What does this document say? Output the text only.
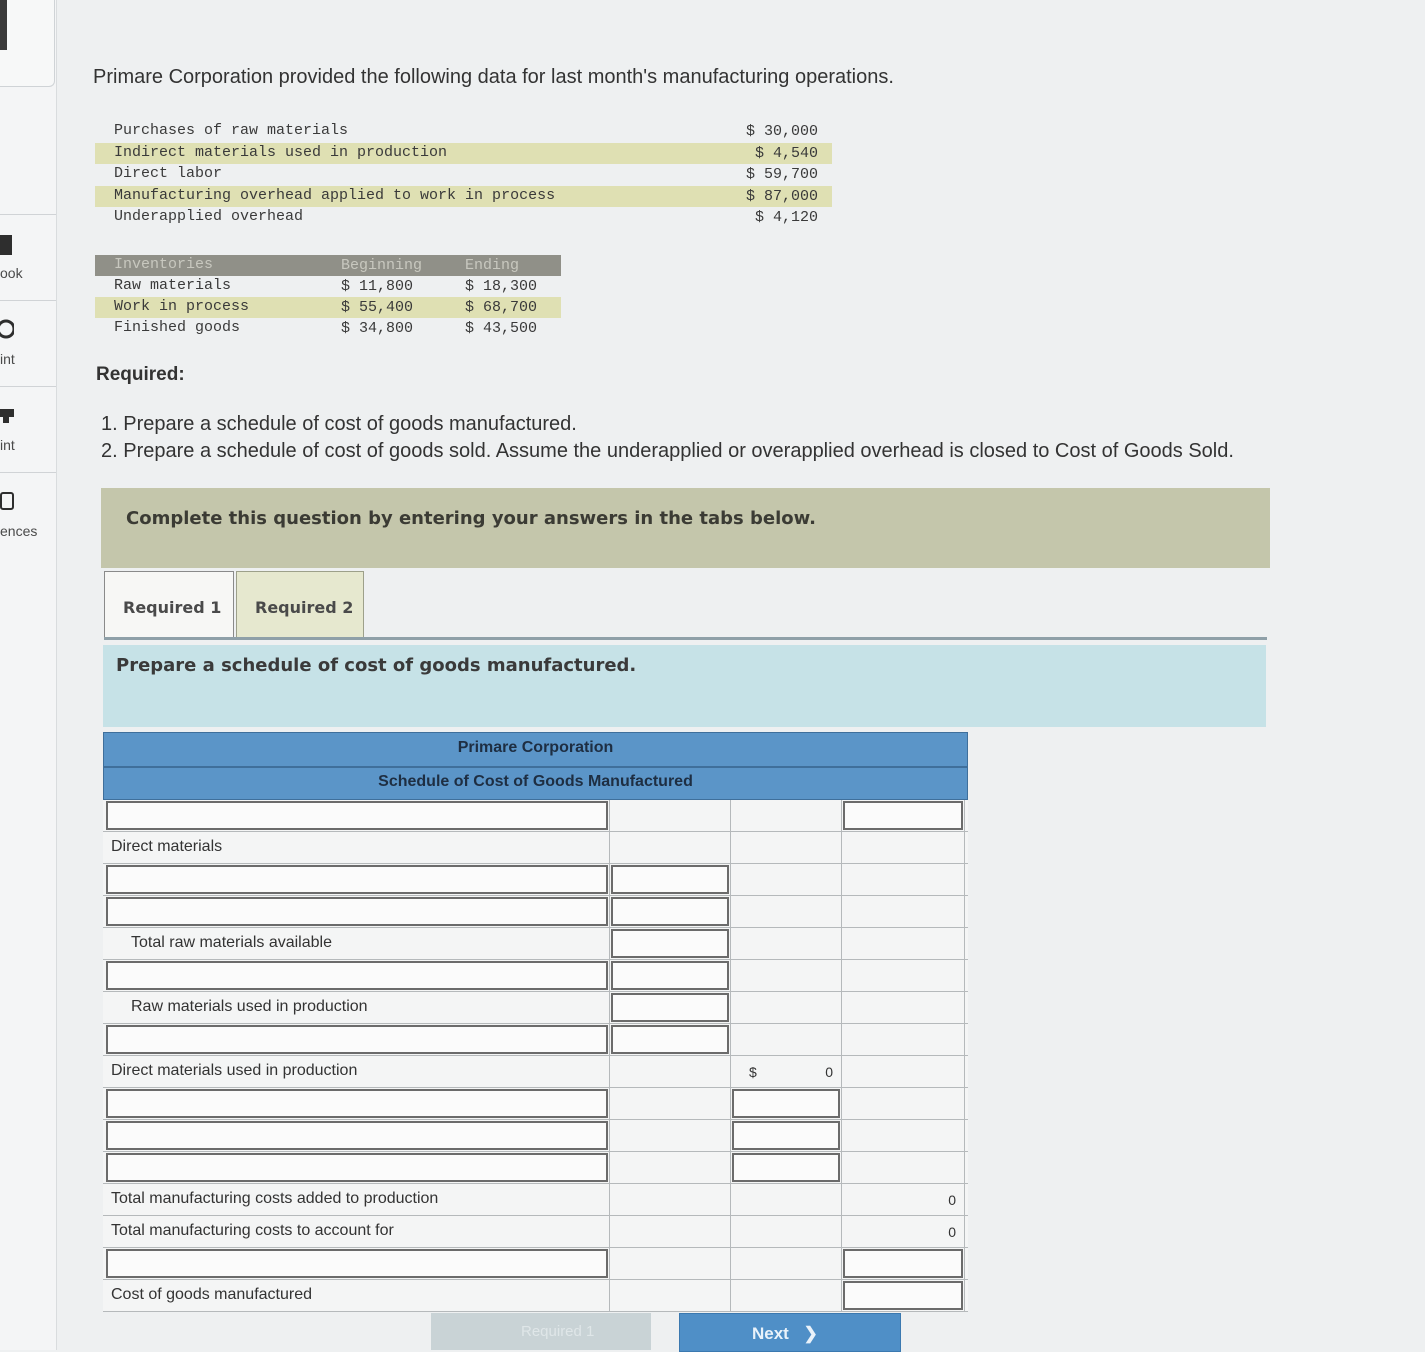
ook
int
int
ences
Primare Corporation provided the following data for last month's manufacturing operations.
Purchases of raw materials	$ 30,000
Indirect materials used in production	$ 4,540
Direct labor	$ 59,700
Manufacturing overhead applied to work in process	$ 87,000
Underapplied overhead	$ 4,120
Inventories	Beginning	Ending
Raw materials	$ 11,800	$ 18,300
Work in process	$ 55,400	$ 68,700
Finished goods	$ 34,800	$ 43,500
Required:
1. Prepare a schedule of cost of goods manufactured.
2. Prepare a schedule of cost of goods sold. Assume the underapplied or overapplied overhead is closed to Cost of Goods Sold.
Complete this question by entering your answers in the tabs below.
Required 1 Required 2
Prepare a schedule of cost of goods manufactured.
Primare Corporation
Schedule of Cost of Goods Manufactured
Direct materials
Total raw materials available
Raw materials used in production
Direct materials used in production	$	0
Total manufacturing costs added to production	0
Total manufacturing costs to account for	0
Cost of goods manufactured
Required 1	Next ❯
